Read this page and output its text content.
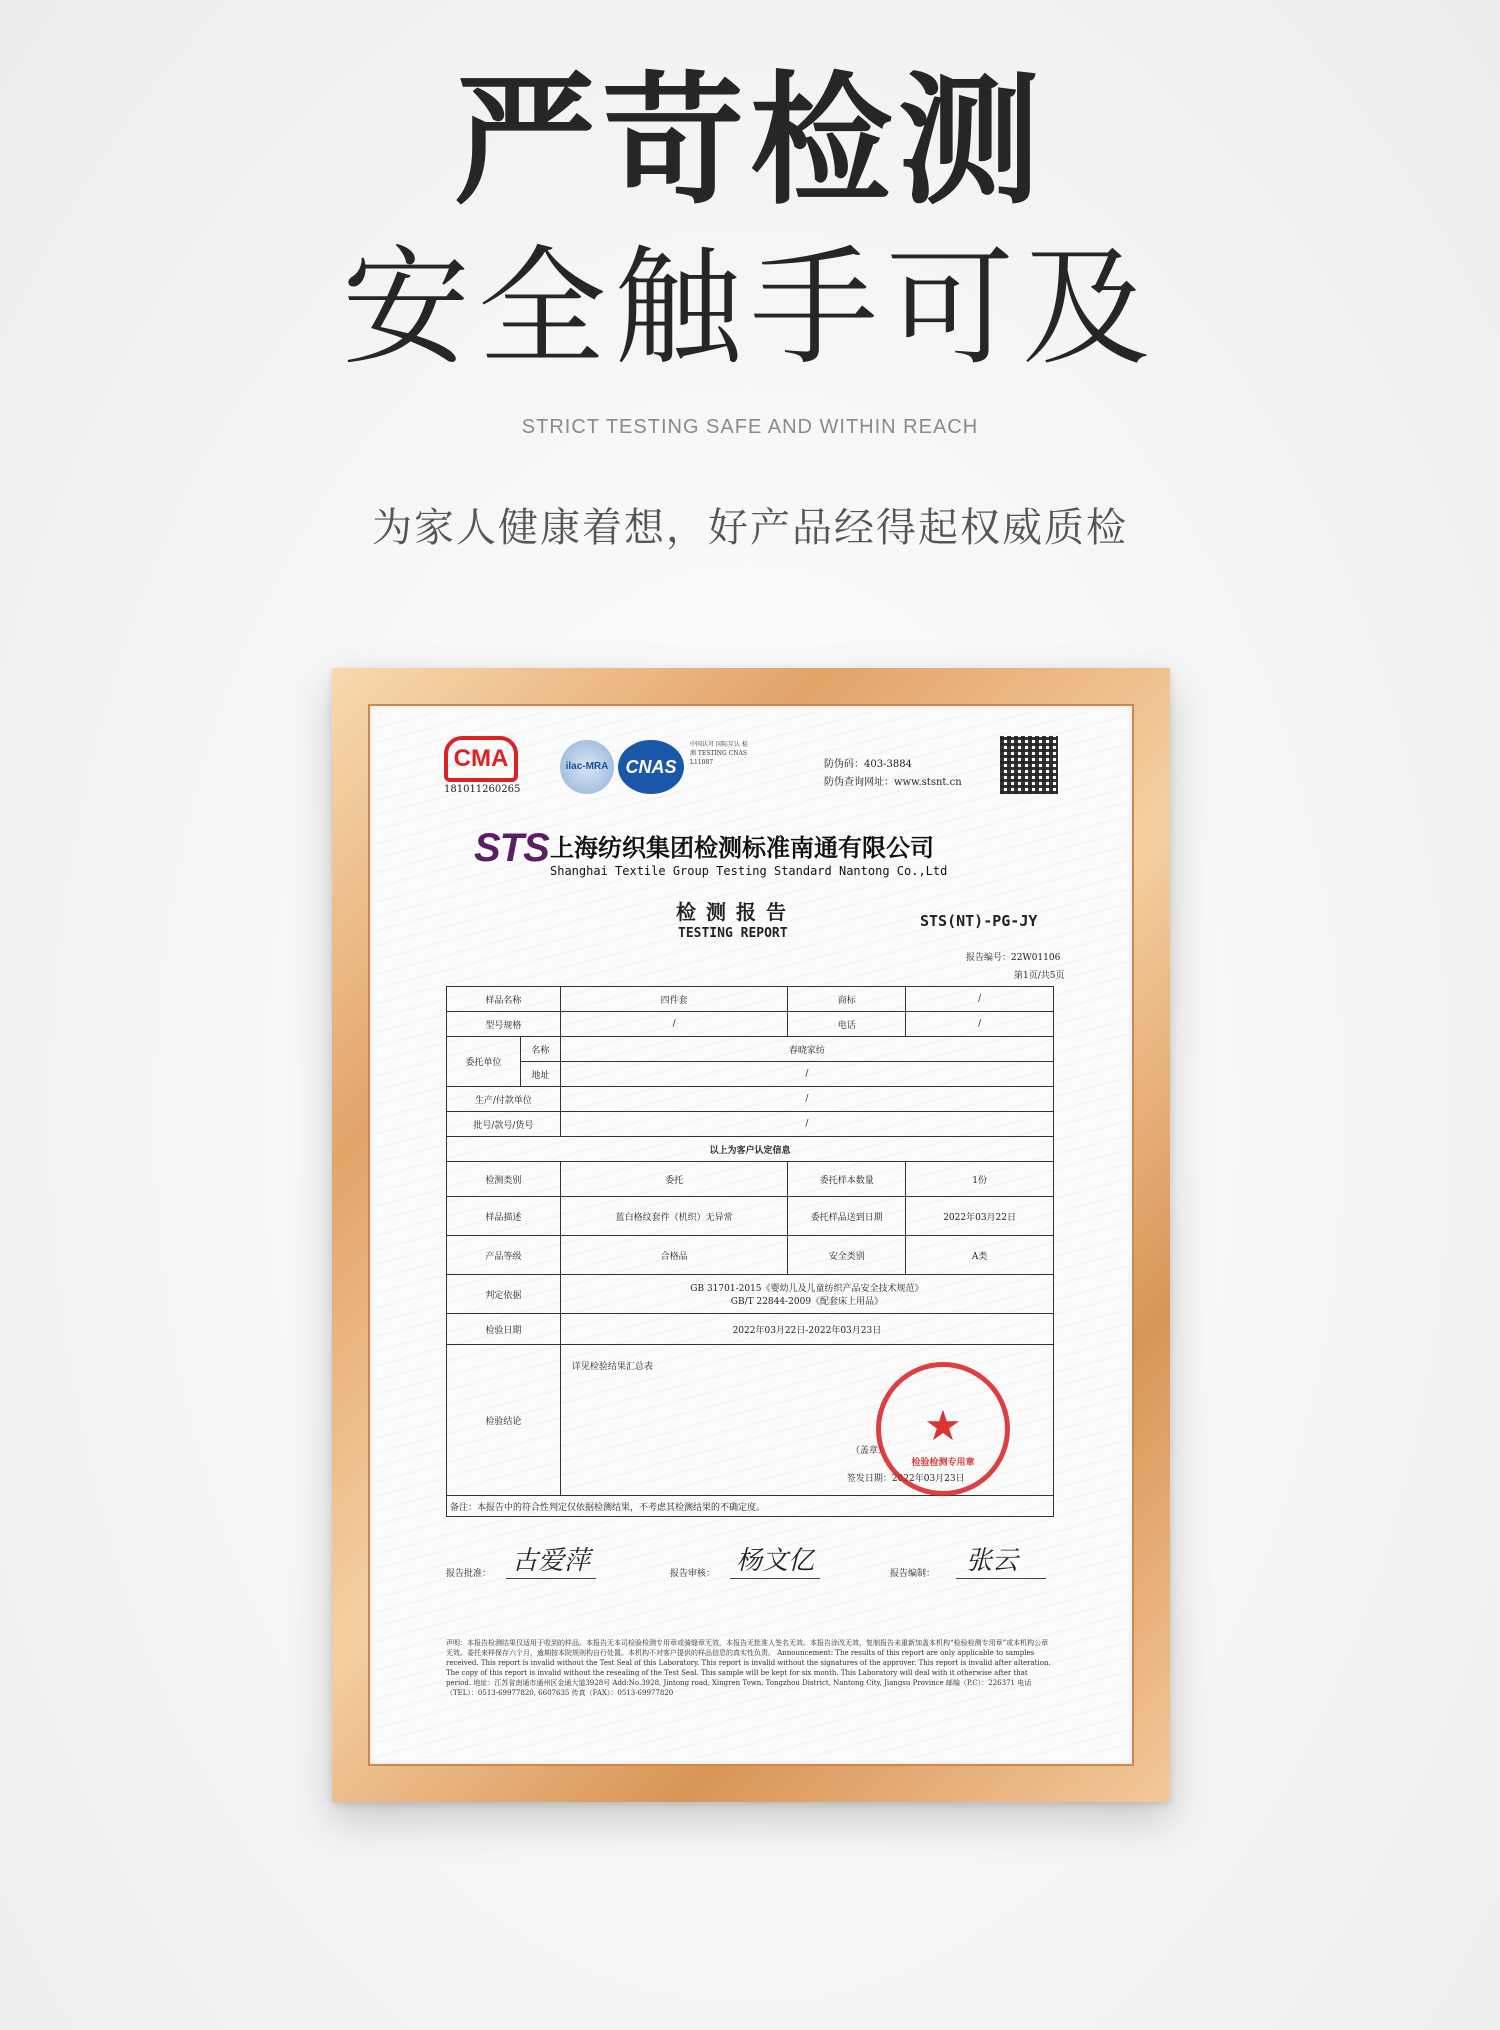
严苛检测
安全触手可及
STRICT TESTING SAFE AND WITHIN REACH
为家人健康着想，好产品经得起权威质检
CMA
181011260265
ilac-MRA CNAS
中国认可 国际互认 检测 TESTING CNAS L11087	防伪码：403-3884
防伪查询网址：www.stsnt.cn
STS 上海纺织集团检测标准南通有限公司
Shanghai Textile Group Testing Standard Nantong Co.,Ltd
检测报告
TESTING REPORT
STS(NT)-PG-JY
报告编号：22W01106
第1页/共5页
样品名称		四件套	商标	/
型号规格		/	电话	/
委托单位	名称	春晓家纺		
	地址	/		
生产/付款单位		/		
批号/款号/货号		/		
以上为客户认定信息				
检测类别		委托	委托样本数量	1份
样品描述		蓝白格纹套件（机织）无异常	委托样品送到日期	2022年03月22日
产品等级		合格品	安全类别	A类
判定依据		GB 31701-2015《婴幼儿及儿童纺织产品安全技术规范》
GB/T 22844-2009《配套床上用品》		

检验日期		2022年03月22日-2022年03月23日		
检验结论		详见检验结果汇总表
（盖章）
签发日期：2022年03月23日		

备注：本报告中的符合性判定仅依据检测结果，不考虑其检测结果的不确定度。				
★
检验检测专用章
报告批准： 古爱萍	报告审核： 杨文亿	报告编制： 张云
声明：本报告检测结果仅适用于收到的样品。本报告无本司检验检测专用章或骑缝章无效，本报告无批准人签名无效。本报告涂改无效，复制报告未重新加盖本机构“检验检测专用章”或本机构公章无效。委托来样保存六个月，逾期按本院规则构自行处置。本机构不对客户提供的样品信息的真实性负责。 Announcement: The results of this report are only applicable to samples received. This report is invalid without the Test Seal of this Laboratory. This report is invalid without the signatures of the approver. This report is invalid after alteration. The copy of this report is invalid without the resealing of the Test Seal. This sample will be kept for six month. This Laboratory will deal with it otherwise after that period. 地址：江苏省南通市通州区金通大道3928号 Add:No.3928, Jintong road, Xingren Town, Tongzhou District, Nantong City, Jiangsu Province 邮编（P.C）：226371 电话（TEL）：0513-69977820, 6607635 传真（FAX）：0513-69977820
